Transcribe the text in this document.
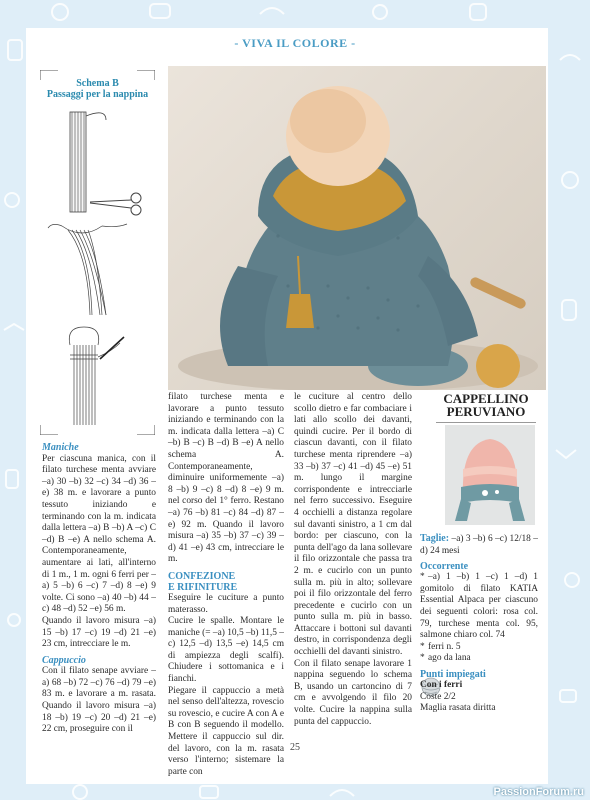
- VIVA IL COLORE -
Schema B
Passaggi per la nappina

Maniche

Per ciascuna manica, con il filato turchese menta avviare –a) 30 –b) 32 –c) 34 –d) 36 –e) 38 m. e lavorare a punto tessuto iniziando e terminando con la m. indicata dalla lettera –a) B –b) A –c) C –d) B –e) A nello schema A. Contemporaneamente, aumentare ai lati, all'interno di 1 m., 1 m. ogni 6 ferri per –a) 5 –b) 6 –c) 7 –d) 8 –e) 9 volte. Ci sono –a) 40 –b) 44 –c) 48 –d) 52 –e) 56 m.

Quando il lavoro misura –a) 15 –b) 17 –c) 19 –d) 21 –e) 23 cm, intrecciare le m.

Cappuccio

Con il filato senape avviare –a) 68 –b) 72 –c) 76 –d) 79 –e) 83 m. e lavorare a m. rasata. Quando il lavoro misura –a) 18 –b) 19 –c) 20 –d) 21 –e) 22 cm, proseguire con il

filato turchese menta e lavorare a punto tessuto iniziando e terminando con la m. indicata dalla lettera –a) C –b) B –c) B –d) B –e) A nello schema A. Contemporaneamente, diminuire uniformemente –a) 8 –b) 9 –c) 8 –d) 8 –e) 9 m. nel corso del 1° ferro. Restano –a) 76 –b) 81 –c) 84 –d) 87 –e) 92 m. Quando il lavoro misura –a) 35 –b) 37 –c) 39 –d) 41 –e) 43 cm, intrecciare le m.

CONFEZIONE
E RIFINITURE

Eseguire le cuciture a punto materasso.

Cucire le spalle. Montare le maniche (= –a) 10,5 –b) 11,5 –c) 12,5 –d) 13,5 –e) 14,5 cm di ampiezza degli scalfi). Chiudere i sottomanica e i fianchi.

Piegare il cappuccio a metà nel senso dell'altezza, rovescio su rovescio, e cucire A con A e B con B seguendo il modello. Mettere il cappuccio sul dir. del lavoro, con la m. rasata verso l'interno; sistemare la parte con

le cuciture al centro dello scollo dietro e far combaciare i lati allo scollo dei davanti, quindi cucire. Per il bordo di ciascun davanti, con il filato turchese menta riprendere –a) 33 –b) 37 –c) 41 –d) 45 –e) 51 m. lungo il margine corrispondente e intrecciarle nel ferro successivo. Eseguire 4 occhielli a distanza regolare sul davanti sinistro, a 1 cm dal bordo: per ciascuno, con la punta dell'ago da lana sollevare il filo orizzontale che passa tra 2 m. e cucirlo con un punto sulla m. più in alto; sollevare poi il filo orizzontale del ferro precedente e cucirlo con un punto sulla m. più in basso. Attaccare i bottoni sul davanti destro, in corrispondenza degli occhielli del davanti sinistro.

Con il filato senape lavorare 1 nappina seguendo lo schema B, usando un cartoncino di 7 cm e avvolgendo il filo 20 volte. Cucire la nappina sulla punta del cappuccio.

CAPPELLINO
PERUVIANO

Taglie: –a) 3 –b) 6 –c) 12/18 –d) 24 mesi

Occorrente

* –a) 1 –b) 1 –c) 1 –d) 1 gomitolo di filato KATIA Essential Alpaca per ciascuno dei seguenti colori: rosa col. 79, turchese menta col. 95, salmone chiaro col. 74

* ferri n. 5

* ago da lana

Punti impiegati

Con i ferri

Coste 2/2

Maglia rasata diritta

25
PassionForum.ru
